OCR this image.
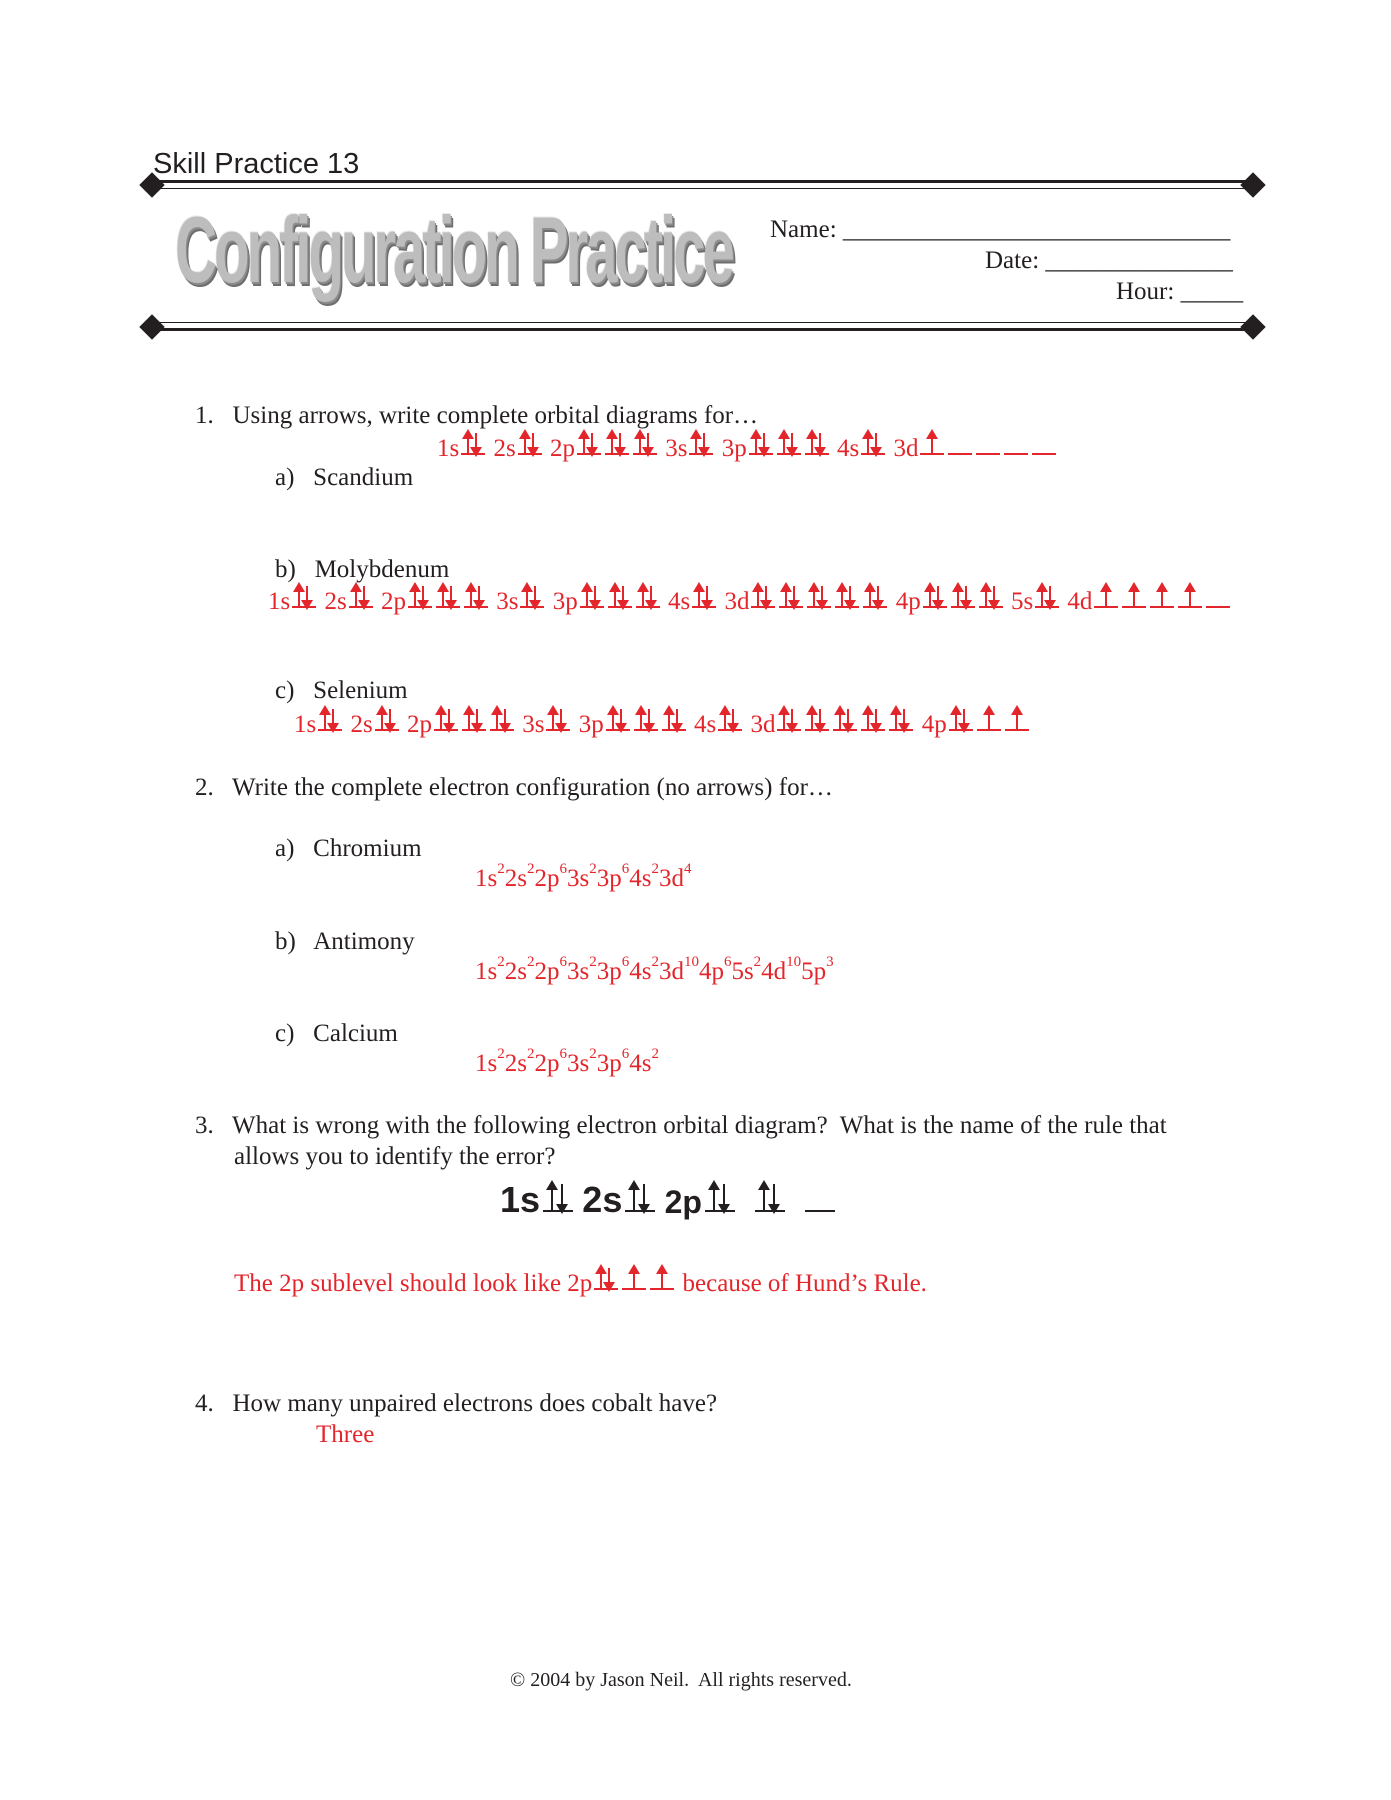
Skill Practice 13
Configuration Practice Name: _______________________________
Date: _______________
Hour: _____
1.   Using arrows, write complete orbital diagrams for…
a)   Scandium
1s 2s 2p	3s 3p	4s 3d
b)   Molybdenum
1s 2s 2p	3s 3p	4s 3d	4p	5s 4d
c)   Selenium
1s 2s 2p	3s 3p	4s 3d	4p
2.   Write the complete electron configuration (no arrows) for…
a)   Chromium
$1s^22s^22p^63s^23p^64s^23d^4$
b)   Antimony
$1s^22s^22p^63s^23p^64s^23d^{10}4p^65s^24d^{10}5p^3$
c)   Calcium
$1s^22s^22p^63s^23p^64s^2$
3.   What is wrong with the following electron orbital diagram?  What is the name of the rule that
allows you to identify the error?
1s 2s 2p
The 2p sublevel should look like 2p	because of Hund’s Rule.
4.   How many unpaired electrons does cobalt have?
Three
© 2004 by Jason Neil.  All rights reserved.
